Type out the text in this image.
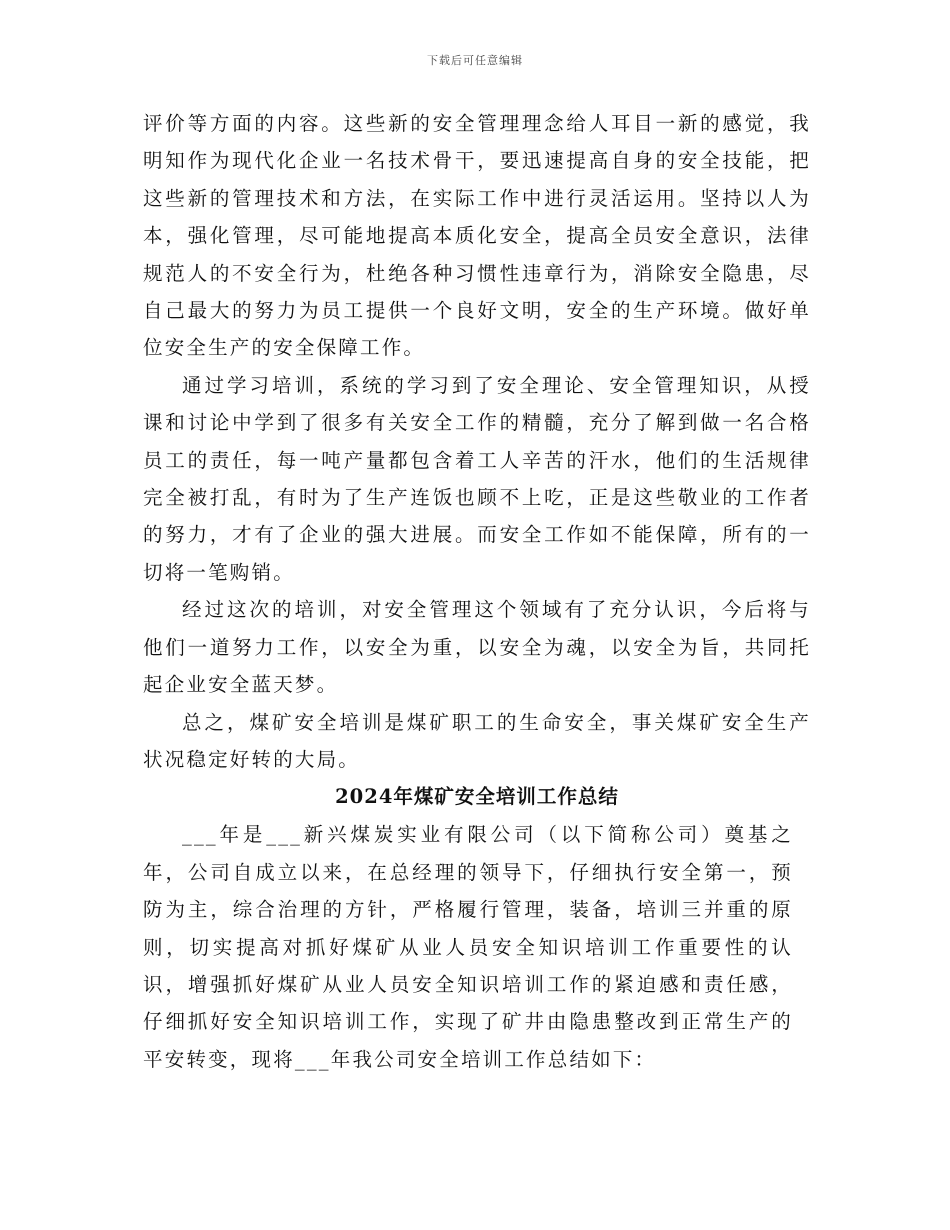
下载后可任意编辑

评价等方面的内容。这些新的安全管理理念给人耳目一新的感觉，我明知作为现代化企业一名技术骨干，要迅速提高自身的安全技能，把这些新的管理技术和方法，在实际工作中进行灵活运用。坚持以人为本，强化管理，尽可能地提高本质化安全，提高全员安全意识，法律规范人的不安全行为，杜绝各种习惯性违章行为，消除安全隐患，尽自己最大的努力为员工提供一个良好文明，安全的生产环境。做好单位安全生产的安全保障工作。

通过学习培训，系统的学习到了安全理论、安全管理知识，从授课和讨论中学到了很多有关安全工作的精髓，充分了解到做一名合格员工的责任，每一吨产量都包含着工人辛苦的汗水，他们的生活规律完全被打乱，有时为了生产连饭也顾不上吃，正是这些敬业的工作者的努力，才有了企业的强大进展。而安全工作如不能保障，所有的一切将一笔购销。

经过这次的培训，对安全管理这个领域有了充分认识，今后将与他们一道努力工作，以安全为重，以安全为魂，以安全为旨，共同托起企业安全蓝天梦。

总之，煤矿安全培训是煤矿职工的生命安全，事关煤矿安全生产状况稳定好转的大局。

2024年煤矿安全培训工作总结

___年是___新兴煤炭实业有限公司（以下简称公司）奠基之年，公司自成立以来，在总经理的领导下，仔细执行安全第一，预防为主，综合治理的方针，严格履行管理，装备，培训三并重的原则，切实提高对抓好煤矿从业人员安全知识培训工作重要性的认识，增强抓好煤矿从业人员安全知识培训工作的紧迫感和责任感，仔细抓好安全知识培训工作，实现了矿井由隐患整改到正常生产的平安转变，现将___年我公司安全培训工作总结如下：
